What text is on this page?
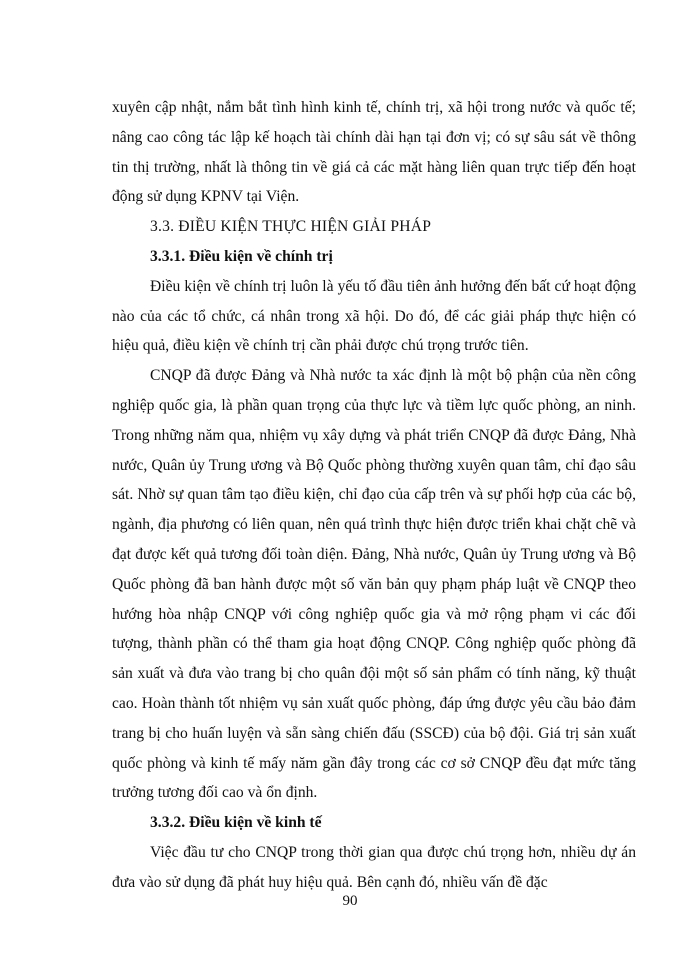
xuyên cập nhật, nắm bắt tình hình kinh tế, chính trị, xã hội trong nước và quốc tế; nâng cao công tác lập kế hoạch tài chính dài hạn tại đơn vị; có sự sâu sát về thông tin thị trường, nhất là thông tin về giá cả các mặt hàng liên quan trực tiếp đến hoạt động sử dụng KPNV tại Viện.

3.3. ĐIỀU KIỆN THỰC HIỆN GIẢI PHÁP

3.3.1. Điều kiện về chính trị

Điều kiện về chính trị luôn là yếu tố đầu tiên ảnh hưởng đến bất cứ hoạt động nào của các tổ chức, cá nhân trong xã hội. Do đó, để các giải pháp thực hiện có hiệu quả, điều kiện về chính trị cần phải được chú trọng trước tiên.

CNQP đã được Đảng và Nhà nước ta xác định là một bộ phận của nền công nghiệp quốc gia, là phần quan trọng của thực lực và tiềm lực quốc phòng, an ninh. Trong những năm qua, nhiệm vụ xây dựng và phát triển CNQP đã được Đảng, Nhà nước, Quân ủy Trung ương và Bộ Quốc phòng thường xuyên quan tâm, chỉ đạo sâu sát. Nhờ sự quan tâm tạo điều kiện, chỉ đạo của cấp trên và sự phối hợp của các bộ, ngành, địa phương có liên quan, nên quá trình thực hiện được triển khai chặt chẽ và đạt được kết quả tương đối toàn diện. Đảng, Nhà nước, Quân ủy Trung ương và Bộ Quốc phòng đã ban hành được một số văn bản quy phạm pháp luật về CNQP theo hướng hòa nhập CNQP với công nghiệp quốc gia và mở rộng phạm vi các đối tượng, thành phần có thể tham gia hoạt động CNQP. Công nghiệp quốc phòng đã sản xuất và đưa vào trang bị cho quân đội một số sản phẩm có tính năng, kỹ thuật cao. Hoàn thành tốt nhiệm vụ sản xuất quốc phòng, đáp ứng được yêu cầu bảo đảm trang bị cho huấn luyện và sẵn sàng chiến đấu (SSCĐ) của bộ đội. Giá trị sản xuất quốc phòng và kinh tế mấy năm gần đây trong các cơ sở CNQP đều đạt mức tăng trưởng tương đối cao và ổn định.

3.3.2. Điều kiện về kinh tế

Việc đầu tư cho CNQP trong thời gian qua được chú trọng hơn, nhiều dự án đưa vào sử dụng đã phát huy hiệu quả. Bên cạnh đó, nhiều vấn đề đặc

90
